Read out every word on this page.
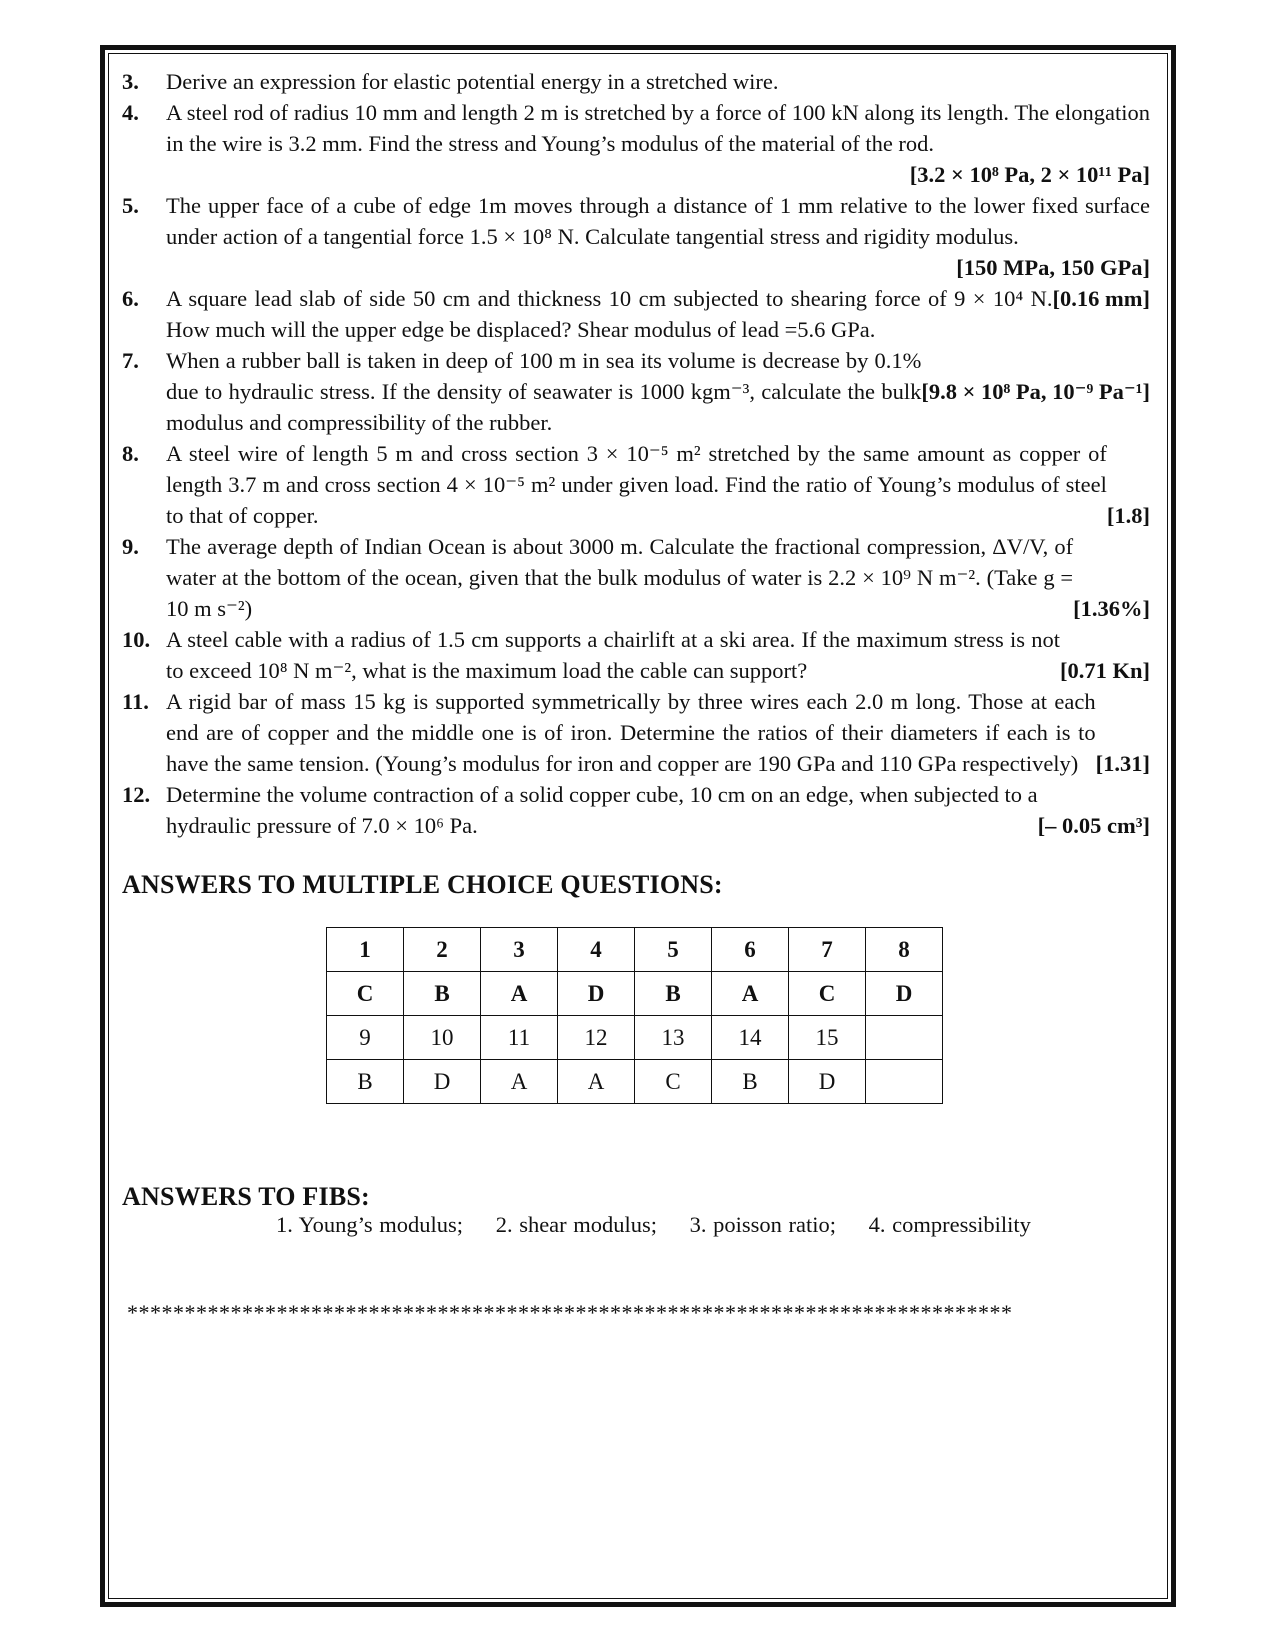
3. Derive an expression for elastic potential energy in a stretched wire.
4. A steel rod of radius 10 mm and length 2 m is stretched by a force of 100 kN along its length. The elongation in the wire is 3.2 mm. Find the stress and Young’s modulus of the material of the rod.
[3.2 × 10⁸ Pa, 2 × 10¹¹ Pa]
5. The upper face of a cube of edge 1m moves through a distance of 1 mm relative to the lower fixed surface under action of a tangential force 1.5 × 10⁸ N. Calculate tangential stress and rigidity modulus.
[150 MPa, 150 GPa]
6.	[0.16 mm]
A square lead slab of side 50 cm and thickness 10 cm subjected to shearing force of 9 × 10⁴ N. How much will the upper edge be displaced? Shear modulus of lead =5.6 GPa.
7.
[9.8 × 10⁸ Pa, 10⁻⁹ Pa⁻¹]
When a rubber ball is taken in deep of 100 m in sea its volume is decrease by 0.1% due to hydraulic stress. If the density of seawater is 1000 kgm⁻³, calculate the bulk modulus and compressibility of the rubber.
8.
[1.8]
A steel wire of length 5 m and cross section 3 × 10⁻⁵ m² stretched by the same amount as copper of length 3.7 m and cross section 4 × 10⁻⁵ m² under given load. Find the ratio of Young’s modulus of steel to that of copper.
9.
[1.36%]
The average depth of Indian Ocean is about 3000 m. Calculate the fractional compression, ΔV/V, of water at the bottom of the ocean, given that the bulk modulus of water is 2.2 × 10⁹ N m⁻². (Take g = 10 m s⁻²)
10.
[0.71 Kn]
A steel cable with a radius of 1.5 cm supports a chairlift at a ski area. If the maximum stress is not to exceed 10⁸ N m⁻², what is the maximum load the cable can support?
11.
[1.31]
A rigid bar of mass 15 kg is supported symmetrically by three wires each 2.0 m long. Those at each end are of copper and the middle one is of iron. Determine the ratios of their diameters if each is to have the same tension. (Young’s modulus for iron and copper are 190 GPa and 110 GPa respectively)
12.
[– 0.05 cm³]
Determine the volume contraction of a solid copper cube, 10 cm on an edge, when subjected to a hydraulic pressure of 7.0 × 10⁶ Pa.
ANSWERS TO MULTIPLE CHOICE QUESTIONS:
1	2	3	4	5	6	7	8
C	B	A	D	B	A	C	D
9	10	11	12	13	14	15	
B	D	A	A	C	B	D	
ANSWERS TO FIBS:
1. Young’s modulus; 2. shear modulus; 3. poisson ratio; 4. compressibility
*****************************************************************************
